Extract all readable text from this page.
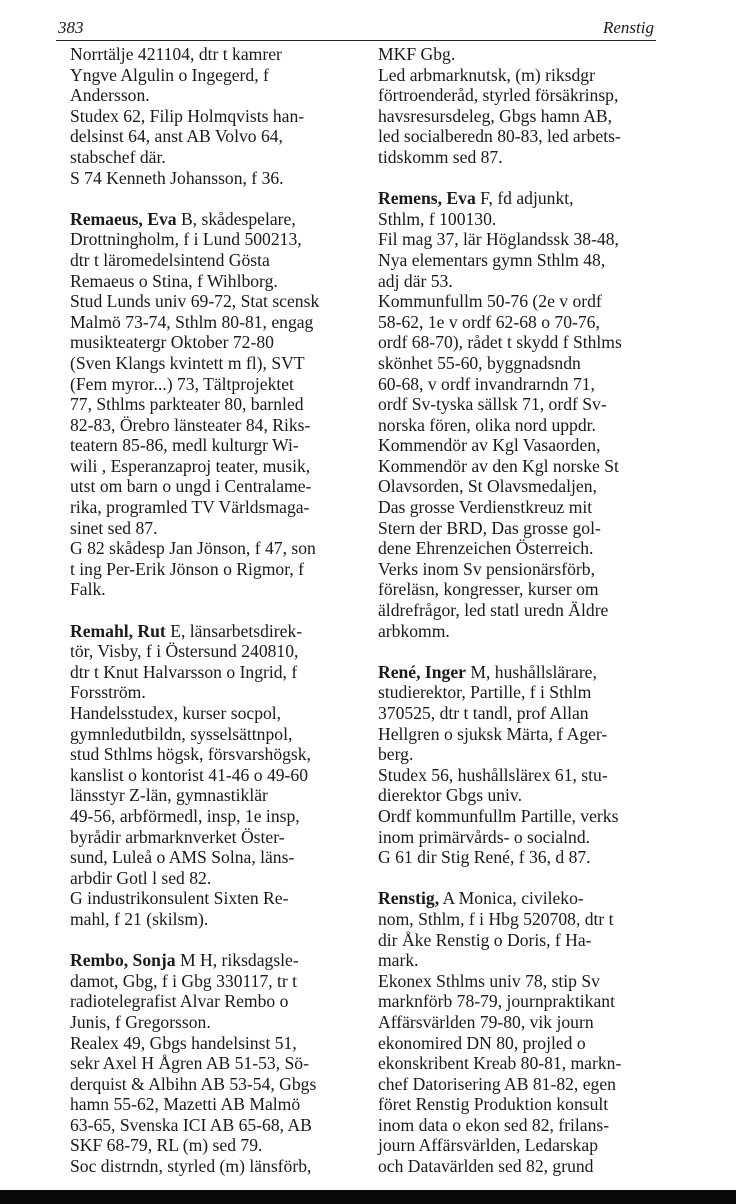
383	Renstig

Norrtälje 421104, dtr t kamrer
Yngve Algulin o Ingegerd, f
Andersson.
Studex 62, Filip Holmqvists han-
delsinst 64, anst AB Volvo 64,
stabschef där.
S 74 Kenneth Johansson, f 36.

Remaeus, Eva B, skådespelare,
Drottningholm, f i Lund 500213,
dtr t läromedelsintend Gösta
Remaeus o Stina, f Wihlborg.
Stud Lunds univ 69-72, Stat scensk
Malmö 73-74, Sthlm 80-81, engag
musikteatergr Oktober 72-80
(Sven Klangs kvintett m fl), SVT
(Fem myror...) 73, Tältprojektet
77, Sthlms parkteater 80, barnled
82-83, Örebro länsteater 84, Riks-
teatern 85-86, medl kulturgr Wi-
wili , Esperanzaproj teater, musik,
utst om barn o ungd i Centralame-
rika, programled TV Världsmaga-
sinet sed 87.
G 82 skådesp Jan Jönson, f 47, son
t ing Per-Erik Jönson o Rigmor, f
Falk.

Remahl, Rut E, länsarbetsdirek-
tör, Visby, f i Östersund 240810,
dtr t Knut Halvarsson o Ingrid, f
Forsström.
Handelsstudex, kurser socpol,
gymnledutbildn, sysselsättnpol,
stud Sthlms högsk, försvarshögsk,
kanslist o kontorist 41-46 o 49-60
länsstyr Z-län, gymnastiklär
49-56, arbförmedl, insp, 1e insp,
byrådir arbmarknverket Öster-
sund, Luleå o AMS Solna, läns-
arbdir Gotl l sed 82.
G industrikonsulent Sixten Re-
mahl, f 21 (skilsm).

Rembo, Sonja M H, riksdagsle-
damot, Gbg, f i Gbg 330117, tr t
radiotelegrafist Alvar Rembo o
Junis, f Gregorsson.
Realex 49, Gbgs handelsinst 51,
sekr Axel H Ågren AB 51-53, Sö-
derquist & Albihn AB 53-54, Gbgs
hamn 55-62, Mazetti AB Malmö
63-65, Svenska ICI AB 65-68, AB
SKF 68-79, RL (m) sed 79.
Soc distrndn, styrled (m) länsförb,

MKF Gbg.
Led arbmarknutsk, (m) riksdgr
förtroenderåd, styrled försäkrinsp,
havsresursdeleg, Gbgs hamn AB,
led socialberedn 80-83, led arbets-
tidskomm sed 87.

Remens, Eva F, fd adjunkt,
Sthlm, f 100130.
Fil mag 37, lär Höglandssk 38-48,
Nya elementars gymn Sthlm 48,
adj där 53.
Kommunfullm 50-76 (2e v ordf
58-62, 1e v ordf 62-68 o 70-76,
ordf 68-70), rådet t skydd f Sthlms
skönhet 55-60, byggnadsndn
60-68, v ordf invandrarndn 71,
ordf Sv-tyska sällsk 71, ordf Sv-
norska fören, olika nord uppdr.
Kommendör av Kgl Vasaorden,
Kommendör av den Kgl norske St
Olavsorden, St Olavsmedaljen,
Das grosse Verdienstkreuz mit
Stern der BRD, Das grosse gol-
dene Ehrenzeichen Österreich.
Verks inom Sv pensionärsförb,
föreläsn, kongresser, kurser om
äldrefrågor, led statl uredn Äldre
arbkomm.

René, Inger M, hushållslärare,
studierektor, Partille, f i Sthlm
370525, dtr t tandl, prof Allan
Hellgren o sjuksk Märta, f Ager-
berg.
Studex 56, hushållslärex 61, stu-
dierektor Gbgs univ.
Ordf kommunfullm Partille, verks
inom primärvårds- o socialnd.
G 61 dir Stig René, f 36, d 87.

Renstig, A Monica, civileko-
nom, Sthlm, f i Hbg 520708, dtr t
dir Åke Renstig o Doris, f Ha-
mark.
Ekonex Sthlms univ 78, stip Sv
marknförb 78-79, journpraktikant
Affärsvärlden 79-80, vik journ
ekonomired DN 80, projled o
ekonskribent Kreab 80-81, markn-
chef Datorisering AB 81-82, egen
föret Renstig Produktion konsult
inom data o ekon sed 82, frilans-
journ Affärsvärlden, Ledarskap
och Datavärlden sed 82, grund
